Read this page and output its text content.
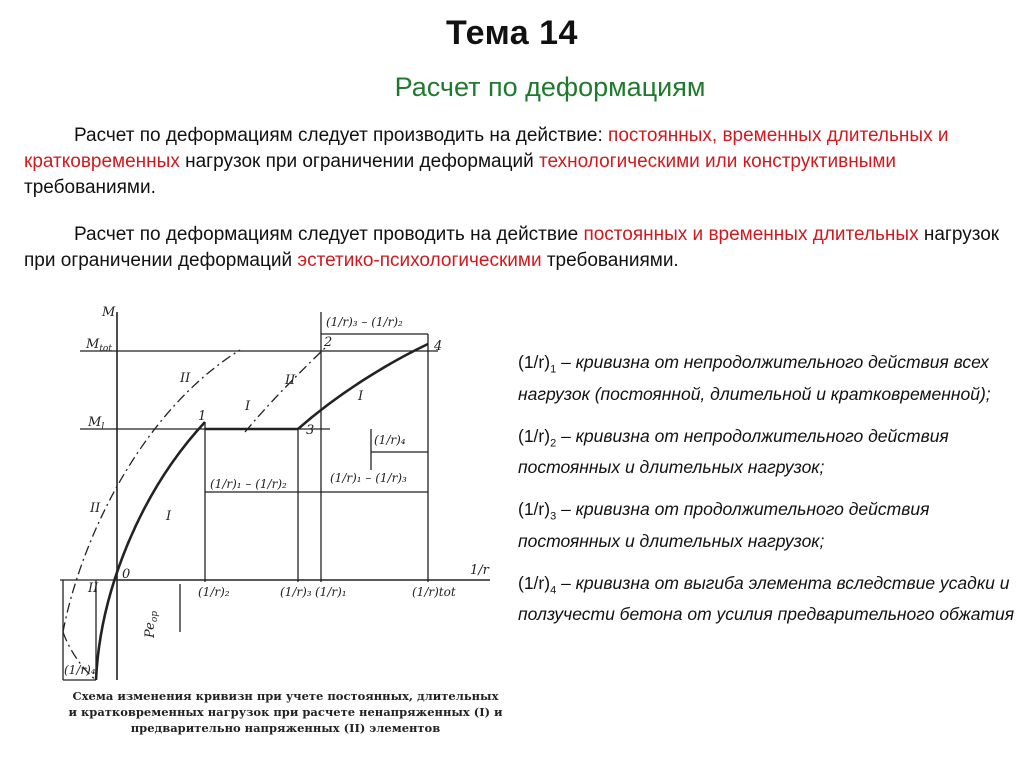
Тема 14
Расчет по деформациям
Расчет по деформациям следует производить на действие: постоянных, временных длительных и кратковременных нагрузок при ограничении деформаций технологическими или конструктивными требованиями.
Расчет по деформациям следует проводить на действие постоянных и временных длительных нагрузок при ограничении деформаций эстетико-психологическими требованиями.
M
1/r
$M_{tot}$
$M_l$
0
1
2
3
4
I
I
I
II	II
II
II
(1/r)₃ – (1/r)₂
(1/r)₁ – (1/r)₂	(1/r)₁ – (1/r)₃
(1/r)₄
(1/r)₂	(1/r)₃ (1/r)₁	(1/r)tot
$Pe_{op}$
(1/r)₄
Схема изменения кривизн при учете постоянных, длительных и кратковременных нагрузок при расчете ненапряженных (I) и предварительно напряженных (II) элементов
$(1/r)_1$ – кривизна от непродолжительного действия всех нагрузок (постоянной, длительной и кратковременной);
$(1/r)_2$ – кривизна от непродолжительного действия постоянных и длительных нагрузок;
$(1/r)_3$ – кривизна от продолжительного действия постоянных и длительных нагрузок;
$(1/r)_4$ – кривизна от выгиба элемента вследствие усадки и ползучести бетона от усилия предварительного обжатия
